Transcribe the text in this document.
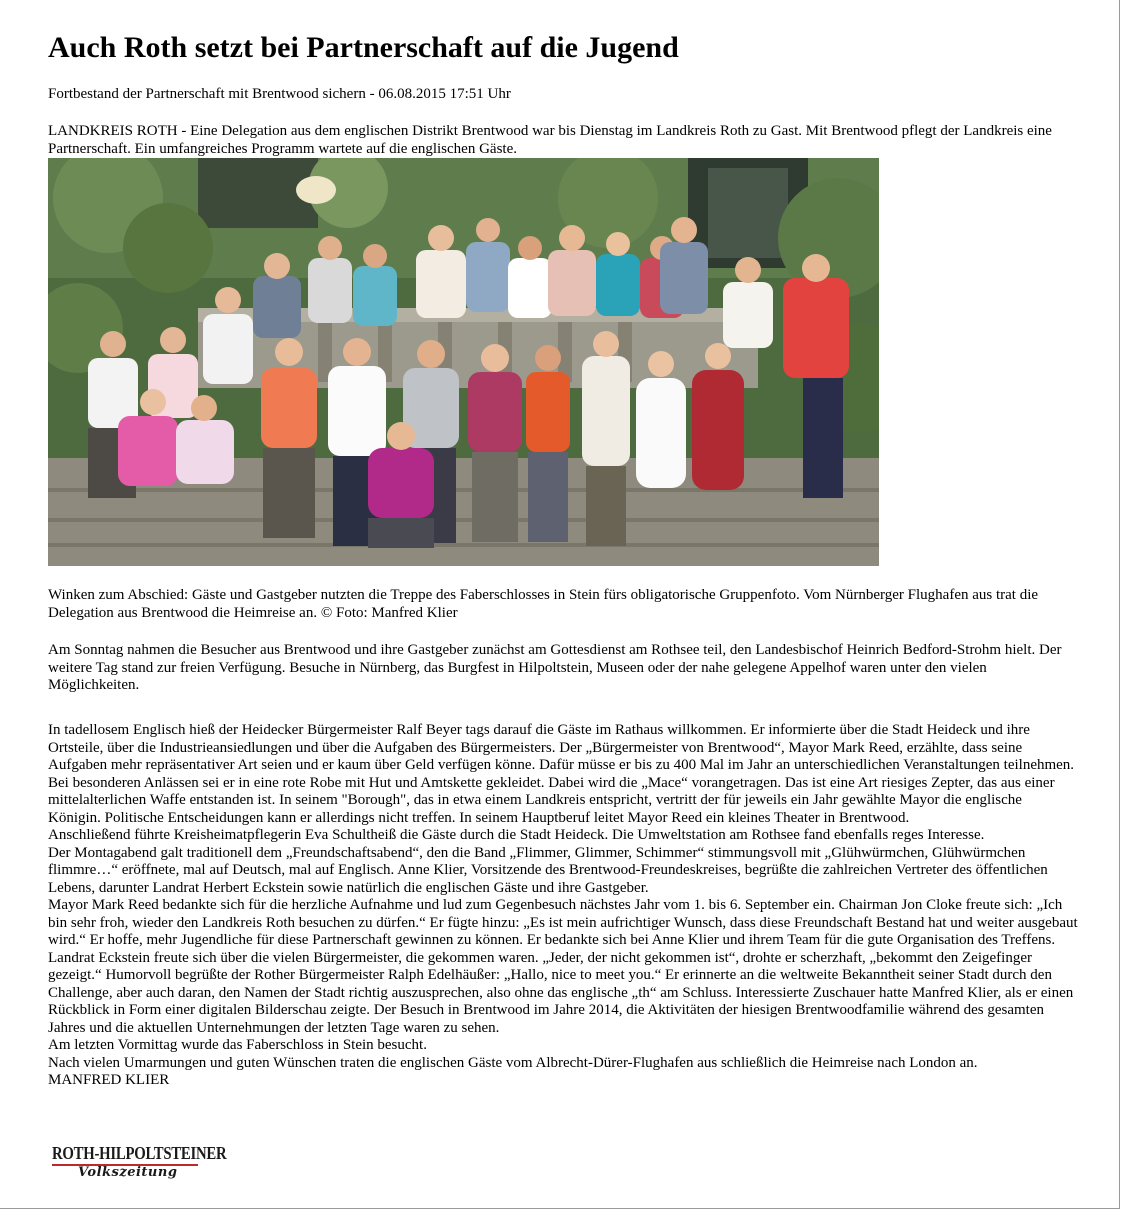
Auch Roth setzt bei Partnerschaft auf die Jugend

Fortbestand der Partnerschaft mit Brentwood sichern - 06.08.2015 17:51 Uhr

LANDKREIS ROTH - Eine Delegation aus dem englischen Distrikt Brentwood war bis Dienstag im Landkreis Roth zu Gast. Mit Brentwood pflegt der Landkreis eine Partnerschaft. Ein umfangreiches Programm wartete auf die englischen Gäste.

Winken zum Abschied: Gäste und Gastgeber nutzten die Treppe des Faberschlosses in Stein fürs obligatorische Gruppenfoto. Vom Nürnberger Flughafen aus trat die Delegation aus Brentwood die Heimreise an. © Foto: Manfred Klier

Am Sonntag nahmen die Besucher aus Brentwood und ihre Gastgeber zunächst am Gottesdienst am Rothsee teil, den Landesbischof Heinrich Bedford-Strohm hielt. Der weitere Tag stand zur freien Verfügung. Besuche in Nürnberg, das Burgfest in Hilpoltstein, Museen oder der nahe gelegene Appelhof waren unter den vielen Möglichkeiten.

In tadellosem Englisch hieß der Heidecker Bürgermeister Ralf Beyer tags darauf die Gäste im Rathaus willkommen. Er informierte über die Stadt Heideck und ihre Ortsteile, über die Industrieansiedlungen und über die Aufgaben des Bürgermeisters. Der „Bürgermeister von Brentwood“, Mayor Mark Reed, erzählte, dass seine Aufgaben mehr repräsentativer Art seien und er kaum über Geld verfügen könne. Dafür müsse er bis zu 400 Mal im Jahr an unterschiedlichen Veranstaltungen teilnehmen.

Bei besonderen Anlässen sei er in eine rote Robe mit Hut und Amtskette gekleidet. Dabei wird die „Mace“ vorangetragen. Das ist eine Art riesiges Zepter, das aus einer mittelalterlichen Waffe entstanden ist. In seinem "Borough", das in etwa einem Landkreis entspricht, vertritt der für jeweils ein Jahr gewählte Mayor die englische Königin. Politische Entscheidungen kann er allerdings nicht treffen. In seinem Hauptberuf leitet Mayor Reed ein kleines Theater in Brentwood.

Anschließend führte Kreisheimatpflegerin Eva Schultheiß die Gäste durch die Stadt Heideck. Die Umweltstation am Rothsee fand ebenfalls reges Interesse.

Der Montagabend galt traditionell dem „Freundschaftsabend“, den die Band „Flimmer, Glimmer, Schimmer“ stimmungsvoll mit „Glühwürmchen, Glühwürmchen flimmre…“ eröffnete, mal auf Deutsch, mal auf Englisch. Anne Klier, Vorsitzende des Brentwood-Freundeskreises, begrüßte die zahlreichen Vertreter des öffentlichen Lebens, darunter Landrat Herbert Eckstein sowie natürlich die englischen Gäste und ihre Gastgeber.

Mayor Mark Reed bedankte sich für die herzliche Aufnahme und lud zum Gegenbesuch nächstes Jahr vom 1. bis 6. September ein. Chairman Jon Cloke freute sich: „Ich bin sehr froh, wieder den Landkreis Roth besuchen zu dürfen.“ Er fügte hinzu: „Es ist mein aufrichtiger Wunsch, dass diese Freundschaft Bestand hat und weiter ausgebaut wird.“ Er hoffe, mehr Jugendliche für diese Partnerschaft gewinnen zu können. Er bedankte sich bei Anne Klier und ihrem Team für die gute Organisation des Treffens.

Landrat Eckstein freute sich über die vielen Bürgermeister, die gekommen waren. „Jeder, der nicht gekommen ist“, drohte er scherzhaft, „bekommt den Zeigefinger gezeigt.“ Humorvoll begrüßte der Rother Bürgermeister Ralph Edelhäußer: „Hallo, nice to meet you.“ Er erinnerte an die weltweite Bekanntheit seiner Stadt durch den Challenge, aber auch daran, den Namen der Stadt richtig auszusprechen, also ohne das englische „th“ am Schluss. Interessierte Zuschauer hatte Manfred Klier, als er einen Rückblick in Form einer digitalen Bilderschau zeigte. Der Besuch in Brentwood im Jahre 2014, die Aktivitäten der hiesigen Brentwoodfamilie während des gesamten Jahres und die aktuellen Unternehmungen der letzten Tage waren zu sehen.

Am letzten Vormittag wurde das Faberschloss in Stein besucht.

Nach vielen Umarmungen und guten Wünschen traten die englischen Gäste vom Albrecht-Dürer-Flughafen aus schließlich die Heimreise nach London an.

MANFRED KLIER

ROTH-HILPOLTSTEINER
Volkszeitung
